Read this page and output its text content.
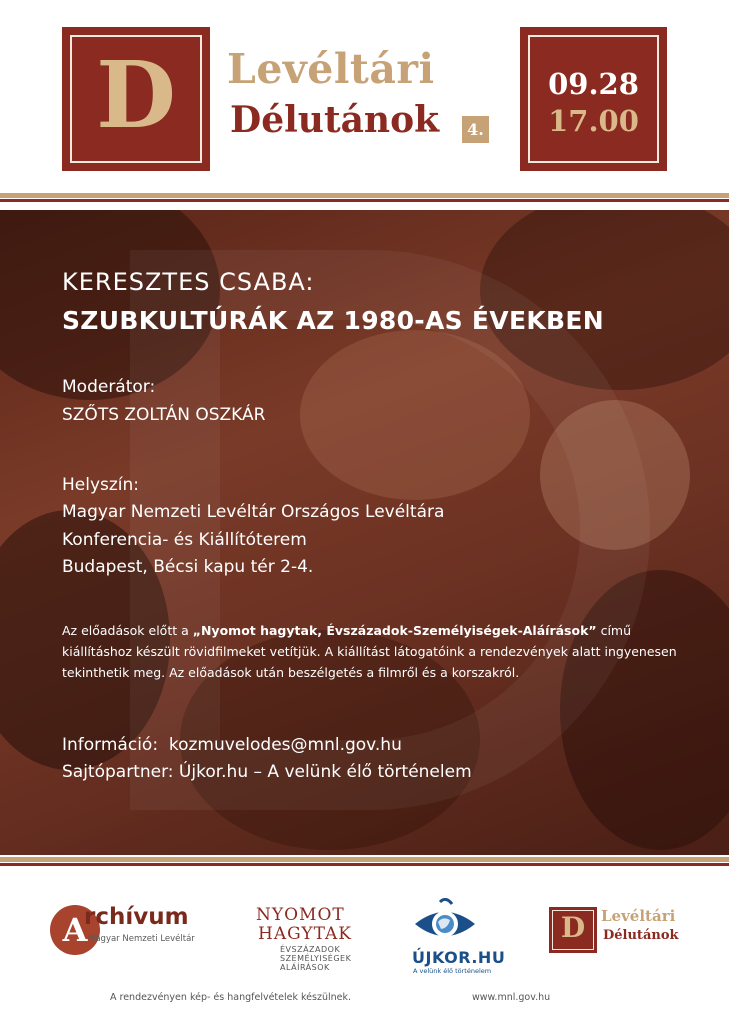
D	Levéltári
Délutánok	4.
09.28
17.00
KERESZTES CSABA:
SZUBKULTÚRÁK AZ 1980-AS ÉVEKBEN
Moderátor:
SZŐTS ZOLTÁN OSZKÁR
Helyszín:
Magyar Nemzeti Levéltár Országos Levéltára
Konferencia- és Kiállítóterem
Budapest, Bécsi kapu tér 2-4.
Az előadások előtt a „Nyomot hagytak, Évszázadok-Személyiségek-Aláírások” című kiállításhoz készült rövidfilmeket vetítjük. A kiállítást látogatóink a rendezvények alatt ingyenesen tekinthetik meg. Az előadások után beszélgetés a filmről és a korszakról.
Információ: kozmuvelodes@mnl.gov.hu
Sajtópartner: Újkor.hu – A velünk élő történelem
A
rchívum
Magyar Nemzeti Levéltár
NYOMOT
HAGYTAK
ÉVSZÁZADOK
SZEMÉLYISÉGEK
ALÁÍRÁSOK
ÚJKOR.HU
A velünk élő történelem
D	Levéltári
Délutánok
A rendezvényen kép- és hangfelvételek készülnek.	www.mnl.gov.hu
